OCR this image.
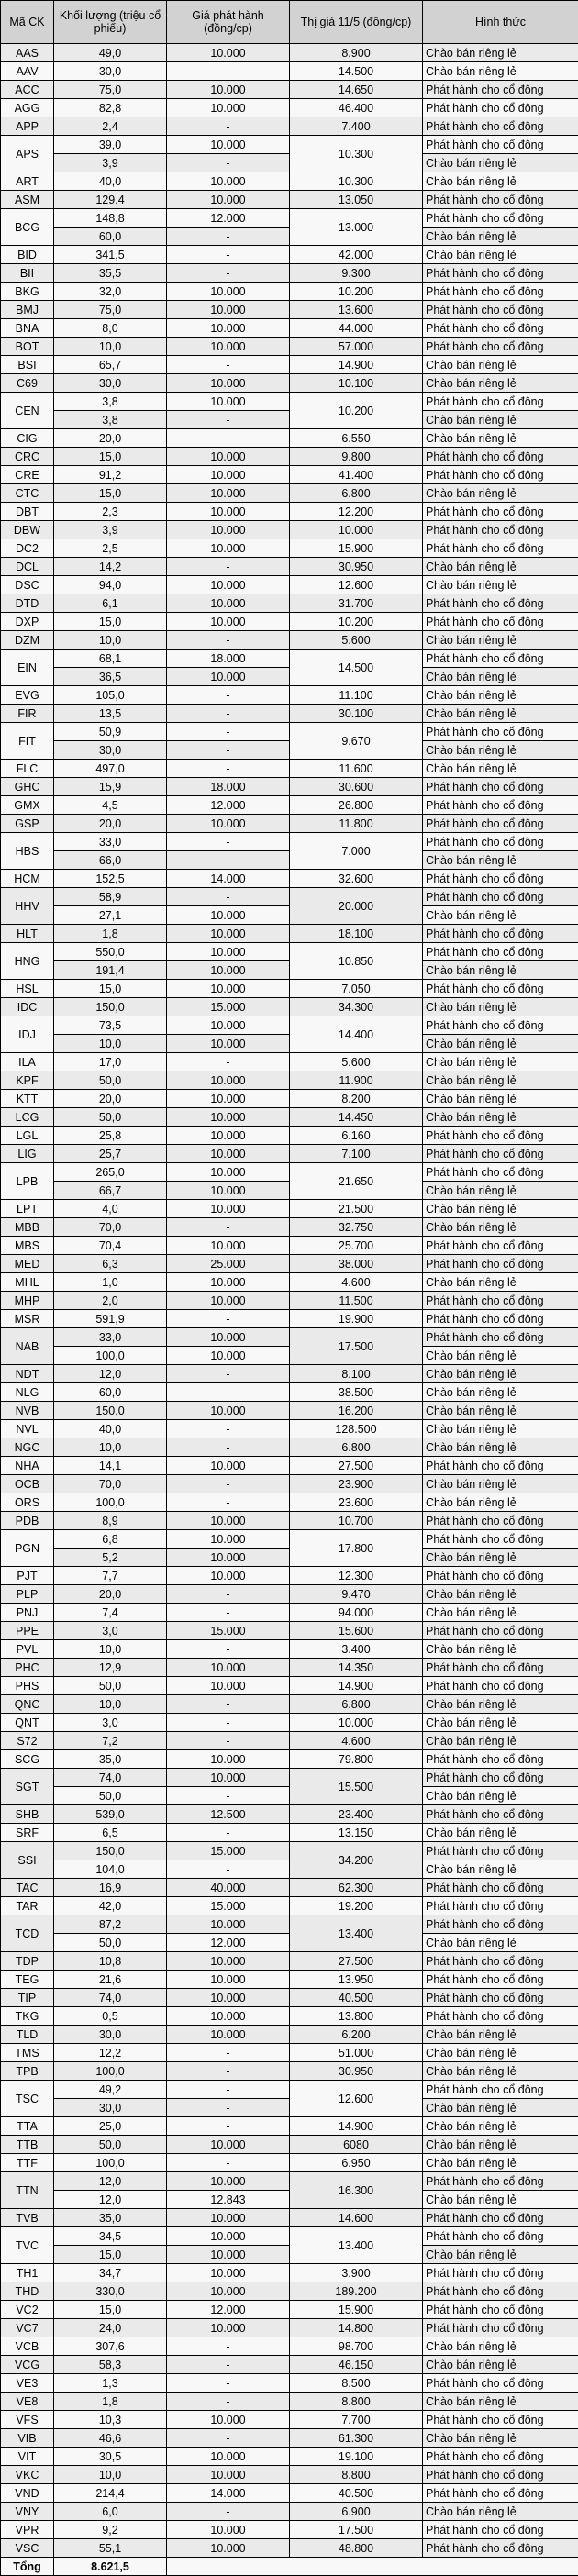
Mã CK	Khối lượng (triệu cổ phiếu)	Giá phát hành (đồng/cp)	Thị giá 11/5 (đồng/cp)	Hình thức
AAS	49,0	10.000	8.900	Chào bán riêng lẻ
AAV	30,0	-	14.500	Chào bán riêng lẻ
ACC	75,0	10.000	14.650	Phát hành cho cổ đông
AGG	82,8	10.000	46.400	Phát hành cho cổ đông
APP	2,4	-	7.400	Phát hành cho cổ đông
APS	39,0	10.000	10.300	Phát hành cho cổ đông
	3,9	-		Chào bán riêng lẻ
ART	40,0	10.000	10.300	Chào bán riêng lẻ
ASM	129,4	10.000	13.050	Phát hành cho cổ đông
BCG	148,8	12.000	13.000	Phát hành cho cổ đông
	60,0	-		Chào bán riêng lẻ
BID	341,5	-	42.000	Chào bán riêng lẻ
BII	35,5	-	9.300	Phát hành cho cổ đông
BKG	32,0	10.000	10.200	Phát hành cho cổ đông
BMJ	75,0	10.000	13.600	Phát hành cho cổ đông
BNA	8,0	10.000	44.000	Phát hành cho cổ đông
BOT	10,0	10.000	57.000	Phát hành cho cổ đông
BSI	65,7	-	14.900	Chào bán riêng lẻ
C69	30,0	10.000	10.100	Chào bán riêng lẻ
CEN	3,8	10.000	10.200	Phát hành cho cổ đông
	3,8	-		Chào bán riêng lẻ
CIG	20,0	-	6.550	Chào bán riêng lẻ
CRC	15,0	10.000	9.800	Phát hành cho cổ đông
CRE	91,2	10.000	41.400	Phát hành cho cổ đông
CTC	15,0	10.000	6.800	Chào bán riêng lẻ
DBT	2,3	10.000	12.200	Phát hành cho cổ đông
DBW	3,9	10.000	10.000	Phát hành cho cổ đông
DC2	2,5	10.000	15.900	Phát hành cho cổ đông
DCL	14,2	-	30.950	Chào bán riêng lẻ
DSC	94,0	10.000	12.600	Chào bán riêng lẻ
DTD	6,1	10.000	31.700	Phát hành cho cổ đông
DXP	15,0	10.000	10.200	Phát hành cho cổ đông
DZM	10,0	-	5.600	Chào bán riêng lẻ
EIN	68,1	18.000	14.500	Phát hành cho cổ đông
	36,5	10.000		Chào bán riêng lẻ
EVG	105,0	-	11.100	Chào bán riêng lẻ
FIR	13,5	-	30.100	Chào bán riêng lẻ
FIT	50,9	-	9.670	Phát hành cho cổ đông
	30,0	-		Chào bán riêng lẻ
FLC	497,0	-	11.600	Chào bán riêng lẻ
GHC	15,9	18.000	30.600	Phát hành cho cổ đông
GMX	4,5	12.000	26.800	Phát hành cho cổ đông
GSP	20,0	10.000	11.800	Phát hành cho cổ đông
HBS	33,0	-	7.000	Phát hành cho cổ đông
	66,0	-		Chào bán riêng lẻ
HCM	152,5	14.000	32.600	Phát hành cho cổ đông
HHV	58,9	-	20.000	Phát hành cho cổ đông
	27,1	10.000		Chào bán riêng lẻ
HLT	1,8	10.000	18.100	Phát hành cho cổ đông
HNG	550,0	10.000	10.850	Phát hành cho cổ đông
	191,4	10.000		Chào bán riêng lẻ
HSL	15,0	10.000	7.050	Phát hành cho cổ đông
IDC	150,0	15.000	34.300	Chào bán riêng lẻ
IDJ	73,5	10.000	14.400	Phát hành cho cổ đông
	10,0	10.000		Chào bán riêng lẻ
ILA	17,0	-	5.600	Chào bán riêng lẻ
KPF	50,0	10.000	11.900	Chào bán riêng lẻ
KTT	20,0	10.000	8.200	Chào bán riêng lẻ
LCG	50,0	10.000	14.450	Chào bán riêng lẻ
LGL	25,8	10.000	6.160	Phát hành cho cổ đông
LIG	25,7	10.000	7.100	Phát hành cho cổ đông
LPB	265,0	10.000	21.650	Phát hành cho cổ đông
	66,7	10.000		Chào bán riêng lẻ
LPT	4,0	10.000	21.500	Chào bán riêng lẻ
MBB	70,0	-	32.750	Chào bán riêng lẻ
MBS	70,4	10.000	25.700	Phát hành cho cổ đông
MED	6,3	25.000	38.000	Phát hành cho cổ đông
MHL	1,0	10.000	4.600	Chào bán riêng lẻ
MHP	2,0	10.000	11.500	Phát hành cho cổ đông
MSR	591,9	-	19.900	Phát hành cho cổ đông
NAB	33,0	10.000	17.500	Phát hành cho cổ đông
	100,0	10.000		Chào bán riêng lẻ
NDT	12,0	-	8.100	Chào bán riêng lẻ
NLG	60,0	-	38.500	Chào bán riêng lẻ
NVB	150,0	10.000	16.200	Chào bán riêng lẻ
NVL	40,0	-	128.500	Chào bán riêng lẻ
NGC	10,0	-	6.800	Chào bán riêng lẻ
NHA	14,1	10.000	27.500	Phát hành cho cổ đông
OCB	70,0	-	23.900	Chào bán riêng lẻ
ORS	100,0	-	23.600	Chào bán riêng lẻ
PDB	8,9	10.000	10.700	Phát hành cho cổ đông
PGN	6,8	10.000	17.800	Phát hành cho cổ đông
	5,2	10.000		Chào bán riêng lẻ
PJT	7,7	10.000	12.300	Phát hành cho cổ đông
PLP	20,0	-	9.470	Chào bán riêng lẻ
PNJ	7,4	-	94.000	Chào bán riêng lẻ
PPE	3,0	15.000	15.600	Phát hành cho cổ đông
PVL	10,0	-	3.400	Chào bán riêng lẻ
PHC	12,9	10.000	14.350	Phát hành cho cổ đông
PHS	50,0	10.000	14.900	Phát hành cho cổ đông
QNC	10,0	-	6.800	Chào bán riêng lẻ
QNT	3,0	-	10.000	Chào bán riêng lẻ
S72	7,2	-	4.600	Chào bán riêng lẻ
SCG	35,0	10.000	79.800	Phát hành cho cổ đông
SGT	74,0	10.000	15.500	Phát hành cho cổ đông
	50,0	-		Chào bán riêng lẻ
SHB	539,0	12.500	23.400	Phát hành cho cổ đông
SRF	6,5	-	13.150	Chào bán riêng lẻ
SSI	150,0	15.000	34.200	Phát hành cho cổ đông
	104,0	-		Chào bán riêng lẻ
TAC	16,9	40.000	62.300	Phát hành cho cổ đông
TAR	42,0	15.000	19.200	Phát hành cho cổ đông
TCD	87,2	10.000	13.400	Phát hành cho cổ đông
	50,0	12.000		Chào bán riêng lẻ
TDP	10,8	10.000	27.500	Phát hành cho cổ đông
TEG	21,6	10.000	13.950	Phát hành cho cổ đông
TIP	74,0	10.000	40.500	Phát hành cho cổ đông
TKG	0,5	10.000	13.800	Phát hành cho cổ đông
TLD	30,0	10.000	6.200	Chào bán riêng lẻ
TMS	12,2	-	51.000	Chào bán riêng lẻ
TPB	100,0	-	30.950	Chào bán riêng lẻ
TSC	49,2	-	12.600	Phát hành cho cổ đông
	30,0	-		Chào bán riêng lẻ
TTA	25,0	-	14.900	Chào bán riêng lẻ
TTB	50,0	10.000	6080	Chào bán riêng lẻ
TTF	100,0	-	6.950	Chào bán riêng lẻ
TTN	12,0	10.000	16.300	Phát hành cho cổ đông
	12,0	12.843		Chào bán riêng lẻ
TVB	35,0	10.000	14.600	Phát hành cho cổ đông
TVC	34,5	10.000	13.400	Phát hành cho cổ đông
	15,0	10.000		Chào bán riêng lẻ
TH1	34,7	10.000	3.900	Phát hành cho cổ đông
THD	330,0	10.000	189.200	Phát hành cho cổ đông
VC2	15,0	12.000	15.900	Phát hành cho cổ đông
VC7	24,0	10.000	14.800	Phát hành cho cổ đông
VCB	307,6	-	98.700	Chào bán riêng lẻ
VCG	58,3	-	46.150	Chào bán riêng lẻ
VE3	1,3	-	8.500	Phát hành cho cổ đông
VE8	1,8	-	8.800	Chào bán riêng lẻ
VFS	10,3	10.000	7.700	Phát hành cho cổ đông
VIB	46,6	-	61.300	Chào bán riêng lẻ
VIT	30,5	10.000	19.100	Phát hành cho cổ đông
VKC	10,0	10.000	8.800	Phát hành cho cổ đông
VND	214,4	14.000	40.500	Phát hành cho cổ đông
VNY	6,0	-	6.900	Chào bán riêng lẻ
VPR	9,2	10.000	17.500	Phát hành cho cổ đông
VSC	55,1	10.000	48.800	Phát hành cho cổ đông
Tổng	8.621,5			
